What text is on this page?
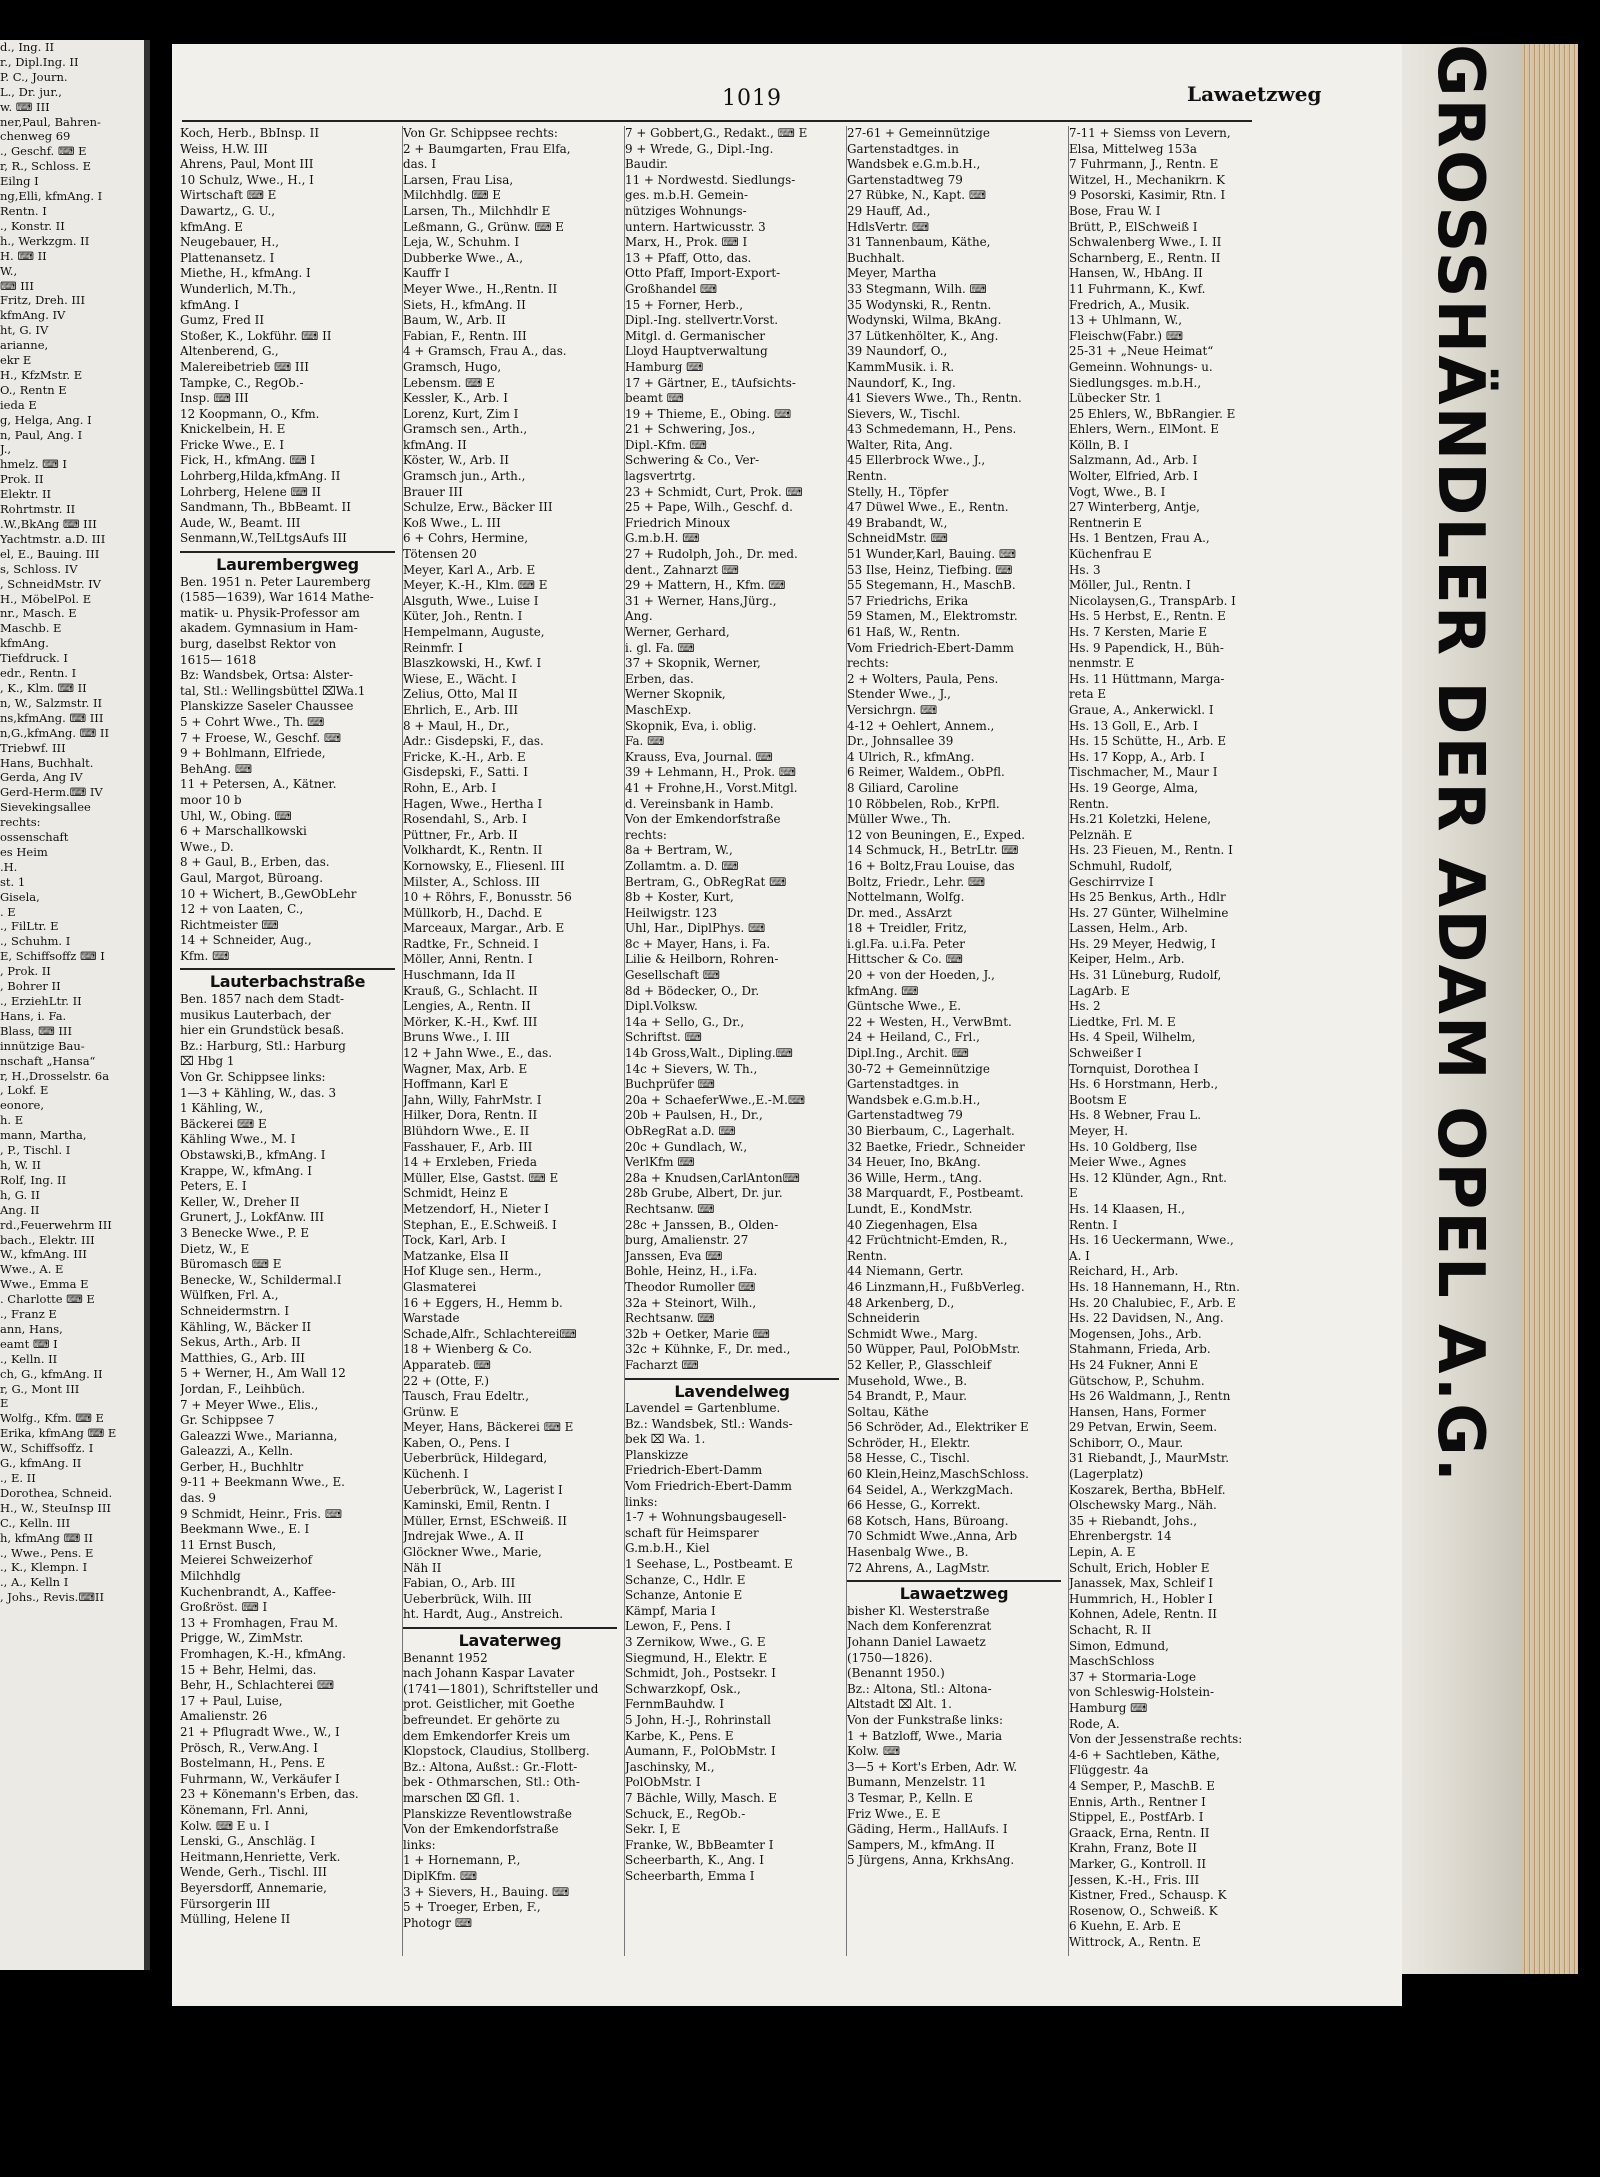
d., Ing. II
r., Dipl.Ing. II
P. C., Journ.
L., Dr. jur.,
w. ⌨ III
ner,Paul, Bahren-
chenweg 69
., Geschf. ⌨ E
r, R., Schloss. E
Eilng I
ng,Elli, kfmAng. I
Rentn. I
., Konstr. II
h., Werkzgm. II
H. ⌨ II
W.,
⌨ III
Fritz, Dreh. III
kfmAng. IV
ht, G. IV
arianne,
ekr E
H., KfzMstr. E
O., Rentn E
ieda E
g, Helga, Ang. I
n, Paul, Ang. I
J.,
hmelz. ⌨ I
Prok. II
Elektr. II
Rohrtmstr. II
.W.,BkAng ⌨ III
Yachtmstr. a.D. III
el, E., Bauing. III
s, Schloss. IV
, SchneidMstr. IV
H., MöbelPol. E
nr., Masch. E
Maschb. E
kfmAng.
Tiefdruck. I
edr., Rentn. I
, K., Klm. ⌨ II
n, W., Salzmstr. II
ns,kfmAng. ⌨ III
n,G.,kfmAng. ⌨ II
Triebwf. III
Hans, Buchhalt.
Gerda, Ang IV
Gerd-Herm.⌨ IV
Sievekingsallee
rechts:
ossenschaft
es Heim
.H.
st. 1
Gisela,
. E
., FilLtr. E
., Schuhm. I
E, Schiffsoffz ⌨ I
, Prok. II
, Bohrer II
., ErziehLtr. II
Hans, i. Fa.
Blass, ⌨ III
innützige Bau-
nschaft „Hansa“
r, H.,Drosselstr. 6a
, Lokf. E
eonore,
h. E
mann, Martha,
, P., Tischl. I
h, W. II
Rolf, Ing. II
h, G. II
Ang. II
rd.,Feuerwehrm III
bach., Elektr. III
W., kfmAng. III
Wwe., A. E
Wwe., Emma E
. Charlotte ⌨ E
., Franz E
ann, Hans,
eamt ⌨ I
., Kelln. II
ch, G., kfmAng. II
r, G., Mont III
E
Wolfg., Kfm. ⌨ E
Erika, kfmAng ⌨ E
W., Schiffsoffz. I
G., kfmAng. II
., E. II
Dorothea, Schneid.
H., W., SteuInsp III
C., Kelln. III
h, kfmAng ⌨ II
., Wwe., Pens. E
., K., Klempn. I
., A., Kelln I
, Johs., Revis.⌨II
1019	Lawaetzweg
Koch, Herb., BbInsp. II
Weiss, H.W. III
Ahrens, Paul, Mont III
10 Schulz, Wwe., H., I
Wirtschaft ⌨ E
Dawartz,, G. U.,
kfmAng. E
Neugebauer, H.,
Plattenansetz. I
Miethe, H., kfmAng. I
Wunderlich, M.Th.,
kfmAng. I
Gumz, Fred II
Stoßer, K., Lokführ. ⌨ II
Altenberend, G.,
Malereibetrieb ⌨ III
Tampke, C., RegOb.-
Insp. ⌨ III
12 Koopmann, O., Kfm.
Knickelbein, H. E
Fricke Wwe., E. I
Fick, H., kfmAng. ⌨ I
Lohrberg,Hilda,kfmAng. II
Lohrberg, Helene ⌨ II
Sandmann, Th., BbBeamt. II
Aude, W., Beamt. III
Senmann,W.,TelLtgsAufs III
Laurembergweg
Ben. 1951 n. Peter Lauremberg
(1585—1639), War 1614 Mathe-
matik- u. Physik-Professor am
akadem. Gymnasium in Ham-
burg, daselbst Rektor von
1615— 1618
Bz: Wandsbek, Ortsa: Alster-
tal, Stl.: Wellingsbüttel ⌧Wa.1
Planskizze Saseler Chaussee
5 + Cohrt Wwe., Th. ⌨
7 + Froese, W., Geschf. ⌨
9 + Bohlmann, Elfriede,
BehAng. ⌨
11 + Petersen, A., Kätner.
moor 10 b
Uhl, W., Obing. ⌨
6 + Marschallkowski
Wwe., D.
8 + Gaul, B., Erben, das.
Gaul, Margot, Büroang.
10 + Wichert, B.,GewObLehr
12 + von Laaten, C.,
Richtmeister ⌨
14 + Schneider, Aug.,
Kfm. ⌨
Lauterbachstraße
Ben. 1857 nach dem Stadt-
musikus Lauterbach, der
hier ein Grundstück besaß.
Bz.: Harburg, Stl.: Harburg
⌧ Hbg 1
Von Gr. Schippsee links:
1—3 + Kähling, W., das. 3
1 Kähling, W.,
Bäckerei ⌨ E
Kähling Wwe., M. I
Obstawski,B., kfmAng. I
Krappe, W., kfmAng. I
Peters, E. I
Keller, W., Dreher II
Grunert, J., LokfAnw. III
3 Benecke Wwe., P. E
Dietz, W., E
Büromasch ⌨ E
Benecke, W., Schildermal.I
Wülfken, Frl. A.,
Schneidermstrn. I
Kähling, W., Bäcker II
Sekus, Arth., Arb. II
Matthies, G., Arb. III
5 + Werner, H., Am Wall 12
Jordan, F., Leihbüch.
7 + Meyer Wwe., Elis.,
Gr. Schippsee 7
Galeazzi Wwe., Marianna,
Galeazzi, A., Kelln.
Gerber, H., Buchhltr
9-11 + Beekmann Wwe., E.
das. 9
9 Schmidt, Heinr., Fris. ⌨
Beekmann Wwe., E. I
11 Ernst Busch,
Meierei Schweizerhof
Milchhdlg
Kuchenbrandt, A., Kaffee-
Großröst. ⌨ I
13 + Fromhagen, Frau M.
Prigge, W., ZimMstr.
Fromhagen, K.-H., kfmAng.
15 + Behr, Helmi, das.
Behr, H., Schlachterei ⌨
17 + Paul, Luise,
Amalienstr. 26
21 + Pflugradt Wwe., W., I
Prösch, R., Verw.Ang. I
Bostelmann, H., Pens. E
Fuhrmann, W., Verkäufer I
23 + Könemann's Erben, das.
Könemann, Frl. Anni,
Kolw. ⌨ E u. I
Lenski, G., Anschläg. I
Heitmann,Henriette, Verk.
Wende, Gerh., Tischl. III
Beyersdorff, Annemarie,
Fürsorgerin III
Mülling, Helene II
Von Gr. Schippsee rechts:
2 + Baumgarten, Frau Elfa,
das. I
Larsen, Frau Lisa,
Milchhdlg. ⌨ E
Larsen, Th., Milchhdlr E
Leßmann, G., Grünw. ⌨ E
Leja, W., Schuhm. I
Dubberke Wwe., A.,
Kauffr I
Meyer Wwe., H.,Rentn. II
Siets, H., kfmAng. II
Baum, W., Arb. II
Fabian, F., Rentn. III
4 + Gramsch, Frau A., das.
Gramsch, Hugo,
Lebensm. ⌨ E
Kessler, K., Arb. I
Lorenz, Kurt, Zim I
Gramsch sen., Arth.,
kfmAng. II
Köster, W., Arb. II
Gramsch jun., Arth.,
Brauer III
Schulze, Erw., Bäcker III
Koß Wwe., L. III
6 + Cohrs, Hermine,
Tötensen 20
Meyer, Karl A., Arb. E
Meyer, K.-H., Klm. ⌨ E
Alsguth, Wwe., Luise I
Küter, Joh., Rentn. I
Hempelmann, Auguste,
Reinmfr. I
Blaszkowski, H., Kwf. I
Wiese, E., Wächt. I
Zelius, Otto, Mal II
Ehrlich, E., Arb. III
8 + Maul, H., Dr.,
Adr.: Gisdepski, F., das.
Fricke, K.-H., Arb. E
Gisdepski, F., Satti. I
Rohn, E., Arb. I
Hagen, Wwe., Hertha I
Rosendahl, S., Arb. I
Püttner, Fr., Arb. II
Volkhardt, K., Rentn. II
Kornowsky, E., Fliesenl. III
Milster, A., Schloss. III
10 + Röhrs, F., Bonusstr. 56
Müllkorb, H., Dachd. E
Marceaux, Margar., Arb. E
Radtke, Fr., Schneid. I
Möller, Anni, Rentn. I
Huschmann, Ida II
Krauß, G., Schlacht. II
Lengies, A., Rentn. II
Mörker, K.-H., Kwf. III
Bruns Wwe., I. III
12 + Jahn Wwe., E., das.
Wagner, Max, Arb. E
Hoffmann, Karl E
Jahn, Willy, FahrMstr. I
Hilker, Dora, Rentn. II
Blühdorn Wwe., E. II
Fasshauer, F., Arb. III
14 + Erxleben, Frieda
Müller, Else, Gastst. ⌨ E
Schmidt, Heinz E
Metzendorf, H., Nieter I
Stephan, E., E.Schweiß. I
Tock, Karl, Arb. I
Matzanke, Elsa II
Hof Kluge sen., Herm.,
Glasmaterei
16 + Eggers, H., Hemm b.
Warstade
Schade,Alfr., Schlachterei⌨
18 + Wienberg & Co.
Apparateb. ⌨
22 + (Otte, F.)
Tausch, Frau Edeltr.,
Grünw. E
Meyer, Hans, Bäckerei ⌨ E
Kaben, O., Pens. I
Ueberbrück, Hildegard,
Küchenh. I
Ueberbrück, W., Lagerist I
Kaminski, Emil, Rentn. I
Müller, Ernst, ESchweiß. II
Jndrejak Wwe., A. II
Glöckner Wwe., Marie,
Näh II
Fabian, O., Arb. III
Ueberbrück, Wilh. III
ht. Hardt, Aug., Anstreich.
Lavaterweg
Benannt 1952
nach Johann Kaspar Lavater
(1741—1801), Schriftsteller und
prot. Geistlicher, mit Goethe
befreundet. Er gehörte zu
dem Emkendorfer Kreis um
Klopstock, Claudius, Stollberg.
Bz.: Altona, Außst.: Gr.-Flott-
bek - Othmarschen, Stl.: Oth-
marschen ⌧ Gfl. 1.
Planskizze Reventlowstraße
Von der Emkendorfstraße
links:
1 + Hornemann, P.,
DiplKfm. ⌨
3 + Sievers, H., Bauing. ⌨
5 + Troeger, Erben, F.,
Photogr ⌨
7 + Gobbert,G., Redakt., ⌨ E
9 + Wrede, G., Dipl.-Ing.
Baudir.
11 + Nordwestd. Siedlungs-
ges. m.b.H. Gemein-
nütziges Wohnungs-
untern. Hartwicusstr. 3
Marx, H., Prok. ⌨ I
13 + Pfaff, Otto, das.
Otto Pfaff, Import-Export-
Großhandel ⌨
15 + Forner, Herb.,
Dipl.-Ing. stellvertr.Vorst.
Mitgl. d. Germanischer
Lloyd Hauptverwaltung
Hamburg ⌨
17 + Gärtner, E., tAufsichts-
beamt ⌨
19 + Thieme, E., Obing. ⌨
21 + Schwering, Jos.,
Dipl.-Kfm. ⌨
Schwering & Co., Ver-
lagsvertrtg.
23 + Schmidt, Curt, Prok. ⌨
25 + Pape, Wilh., Geschf. d.
Friedrich Minoux
G.m.b.H. ⌨
27 + Rudolph, Joh., Dr. med.
dent., Zahnarzt ⌨
29 + Mattern, H., Kfm. ⌨
31 + Werner, Hans,Jürg.,
Ang.
Werner, Gerhard,
i. gl. Fa. ⌨
37 + Skopnik, Werner,
Erben, das.
Werner Skopnik,
MaschExp.
Skopnik, Eva, i. oblig.
Fa. ⌨
Krauss, Eva, Journal. ⌨
39 + Lehmann, H., Prok. ⌨
41 + Frohne,H., Vorst.Mitgl.
d. Vereinsbank in Hamb.
Von der Emkendorfstraße
rechts:
8a + Bertram, W.,
Zollamtm. a. D. ⌨
Bertram, G., ObRegRat ⌨
8b + Koster, Kurt,
Heilwigstr. 123
Uhl, Har., DiplPhys. ⌨
8c + Mayer, Hans, i. Fa.
Lilie & Heilborn, Rohren-
Gesellschaft ⌨
8d + Bödecker, O., Dr.
Dipl.Volksw.
14a + Sello, G., Dr.,
Schriftst. ⌨
14b Gross,Walt., Dipling.⌨
14c + Sievers, W. Th.,
Buchprüfer ⌨
20a + SchaeferWwe.,E.-M.⌨
20b + Paulsen, H., Dr.,
ObRegRat a.D. ⌨
20c + Gundlach, W.,
VerlKfm ⌨
28a + Knudsen,CarlAnton⌨
28b Grube, Albert, Dr. jur.
Rechtsanw. ⌨
28c + Janssen, B., Olden-
burg, Amalienstr. 27
Janssen, Eva ⌨
Bohle, Heinz, H., i.Fa.
Theodor Rumoller ⌨
32a + Steinort, Wilh.,
Rechtsanw. ⌨
32b + Oetker, Marie ⌨
32c + Kühnke, F., Dr. med.,
Facharzt ⌨
Lavendelweg
Lavendel = Gartenblume.
Bz.: Wandsbek, Stl.: Wands-
bek ⌧ Wa. 1.
Planskizze
Friedrich-Ebert-Damm
Vom Friedrich-Ebert-Damm
links:
1-7 + Wohnungsbaugesell-
schaft für Heimsparer
G.m.b.H., Kiel
1 Seehase, L., Postbeamt. E
Schanze, C., Hdlr. E
Schanze, Antonie E
Kämpf, Maria I
Lewon, F., Pens. I
3 Zernikow, Wwe., G. E
Siegmund, H., Elektr. E
Schmidt, Joh., Postsekr. I
Schwarzkopf, Osk.,
FernmBauhdw. I
5 John, H.-J., Rohrinstall
Karbe, K., Pens. E
Aumann, F., PolObMstr. I
Jaschinsky, M.,
PolObMstr. I
7 Bächle, Willy, Masch. E
Schuck, E., RegOb.-
Sekr. I, E
Franke, W., BbBeamter I
Scheerbarth, K., Ang. I
Scheerbarth, Emma I
27-61 + Gemeinnützige
Gartenstadtges. in
Wandsbek e.G.m.b.H.,
Gartenstadtweg 79
27 Rübke, N., Kapt. ⌨
29 Hauff, Ad.,
HdlsVertr. ⌨
31 Tannenbaum, Käthe,
Buchhalt.
Meyer, Martha
33 Stegmann, Wilh. ⌨
35 Wodynski, R., Rentn.
Wodynski, Wilma, BkAng.
37 Lütkenhölter, K., Ang.
39 Naundorf, O.,
KammMusik. i. R.
Naundorf, K., Ing.
41 Sievers Wwe., Th., Rentn.
Sievers, W., Tischl.
43 Schmedemann, H., Pens.
Walter, Rita, Ang.
45 Ellerbrock Wwe., J.,
Rentn.
Stelly, H., Töpfer
47 Düwel Wwe., E., Rentn.
49 Brabandt, W.,
SchneidMstr. ⌨
51 Wunder,Karl, Bauing. ⌨
53 Ilse, Heinz, Tiefbing. ⌨
55 Stegemann, H., MaschB.
57 Friedrichs, Erika
59 Stamen, M., Elektromstr.
61 Haß, W., Rentn.
Vom Friedrich-Ebert-Damm
rechts:
2 + Wolters, Paula, Pens.
Stender Wwe., J.,
Versichrgn. ⌨
4-12 + Oehlert, Annem.,
Dr., Johnsallee 39
4 Ulrich, R., kfmAng.
6 Reimer, Waldem., ObPfl.
8 Giliard, Caroline
10 Röbbelen, Rob., KrPfl.
Müller Wwe., Th.
12 von Beuningen, E., Exped.
14 Schmuck, H., BetrLtr. ⌨
16 + Boltz,Frau Louise, das
Boltz, Friedr., Lehr. ⌨
Nottelmann, Wolfg.
Dr. med., AssArzt
18 + Treidler, Fritz,
i.gl.Fa. u.i.Fa. Peter
Hittscher & Co. ⌨
20 + von der Hoeden, J.,
kfmAng. ⌨
Güntsche Wwe., E.
22 + Westen, H., VerwBmt.
24 + Heiland, C., Frl.,
Dipl.Ing., Archit. ⌨
30-72 + Gemeinnützige
Gartenstadtges. in
Wandsbek e.G.m.b.H.,
Gartenstadtweg 79
30 Bierbaum, C., Lagerhalt.
32 Baetke, Friedr., Schneider
34 Heuer, Ino, BkAng.
36 Wille, Herm., tAng.
38 Marquardt, F., Postbeamt.
Lundt, E., KondMstr.
40 Ziegenhagen, Elsa
42 Früchtnicht-Emden, R.,
Rentn.
44 Niemann, Gertr.
46 Linzmann,H., FußbVerleg.
48 Arkenberg, D.,
Schneiderin
Schmidt Wwe., Marg.
50 Wüpper, Paul, PolObMstr.
52 Keller, P., Glasschleif
Musehold, Wwe., B.
54 Brandt, P., Maur.
Soltau, Käthe
56 Schröder, Ad., Elektriker E
Schröder, H., Elektr.
58 Hesse, C., Tischl.
60 Klein,Heinz,MaschSchloss.
64 Seidel, A., WerkzgMach.
66 Hesse, G., Korrekt.
68 Kotsch, Hans, Büroang.
70 Schmidt Wwe.,Anna, Arb
Hasenbalg Wwe., B.
72 Ahrens, A., LagMstr.
Lawaetzweg
bisher Kl. Westerstraße
Nach dem Konferenzrat
Johann Daniel Lawaetz
(1750—1826).
(Benannt 1950.)
Bz.: Altona, Stl.: Altona-
Altstadt ⌧ Alt. 1.
Von der Funkstraße links:
1 + Batzloff, Wwe., Maria
Kolw. ⌨
3—5 + Kort's Erben, Adr. W.
Bumann, Menzelstr. 11
3 Tesmar, P., Kelln. E
Friz Wwe., E. E
Gäding, Herm., HallAufs. I
Sampers, M., kfmAng. II
5 Jürgens, Anna, KrkhsAng.
7-11 + Siemss von Levern,
Elsa, Mittelweg 153a
7 Fuhrmann, J., Rentn. E
Witzel, H., Mechanikrn. K
9 Posorski, Kasimir, Rtn. I
Bose, Frau W. I
Brütt, P., ElSchweiß I
Schwalenberg Wwe., I. II
Scharnberg, E., Rentn. II
Hansen, W., HbAng. II
11 Fuhrmann, K., Kwf.
Fredrich, A., Musik.
13 + Uhlmann, W.,
Fleischw(Fabr.) ⌨
25-31 + „Neue Heimat“
Gemeinn. Wohnungs- u.
Siedlungsges. m.b.H.,
Lübecker Str. 1
25 Ehlers, W., BbRangier. E
Ehlers, Wern., ElMont. E
Kölln, B. I
Salzmann, Ad., Arb. I
Wolter, Elfried, Arb. I
Vogt, Wwe., B. I
27 Winterberg, Antje,
Rentnerin E
Hs. 1 Bentzen, Frau A.,
Küchenfrau E
Hs. 3
Möller, Jul., Rentn. I
Nicolaysen,G., TranspArb. I
Hs. 5 Herbst, E., Rentn. E
Hs. 7 Kersten, Marie E
Hs. 9 Papendick, H., Büh-
nenmstr. E
Hs. 11 Hüttmann, Marga-
reta E
Graue, A., Ankerwickl. I
Hs. 13 Goll, E., Arb. I
Hs. 15 Schütte, H., Arb. E
Hs. 17 Kopp, A., Arb. I
Tischmacher, M., Maur I
Hs. 19 George, Alma,
Rentn.
Hs.21 Koletzki, Helene,
Pelznäh. E
Hs. 23 Fieuen, M., Rentn. I
Schmuhl, Rudolf,
Geschirrvize I
Hs 25 Benkus, Arth., Hdlr
Hs. 27 Günter, Wilhelmine
Lassen, Helm., Arb.
Hs. 29 Meyer, Hedwig, I
Keiper, Helm., Arb.
Hs. 31 Lüneburg, Rudolf,
LagArb. E
Hs. 2
Liedtke, Frl. M. E
Hs. 4 Speil, Wilhelm,
Schweißer I
Tornquist, Dorothea I
Hs. 6 Horstmann, Herb.,
Bootsm E
Hs. 8 Webner, Frau L.
Meyer, H.
Hs. 10 Goldberg, Ilse
Meier Wwe., Agnes
Hs. 12 Klünder, Agn., Rnt.
E
Hs. 14 Klaasen, H.,
Rentn. I
Hs. 16 Ueckermann, Wwe.,
A. I
Reichard, H., Arb.
Hs. 18 Hannemann, H., Rtn.
Hs. 20 Chalubiec, F., Arb. E
Hs. 22 Davidsen, N., Ang.
Mogensen, Johs., Arb.
Stahmann, Frieda, Arb.
Hs 24 Fukner, Anni E
Gütschow, P., Schuhm.
Hs 26 Waldmann, J., Rentn
Hansen, Hans, Former
29 Petvan, Erwin, Seem.
Schiborr, O., Maur.
31 Riebandt, J., MaurMstr.
(Lagerplatz)
Koszarek, Bertha, BbHelf.
Olschewsky Marg., Näh.
35 + Riebandt, Johs.,
Ehrenbergstr. 14
Lepin, A. E
Schult, Erich, Hobler E
Janassek, Max, Schleif I
Hummrich, H., Hobler I
Kohnen, Adele, Rentn. II
Schacht, R. II
Simon, Edmund,
MaschSchloss
37 + Stormaria-Loge
von Schleswig-Holstein-
Hamburg ⌨
Rode, A.
Von der Jessenstraße rechts:
4-6 + Sachtleben, Käthe,
Flüggestr. 4a
4 Semper, P., MaschB. E
Ennis, Arth., Rentner I
Stippel, E., PostfArb. I
Graack, Erna, Rentn. II
Krahn, Franz, Bote II
Marker, G., Kontroll. II
Jessen, K.-H., Fris. III
Kistner, Fred., Schausp. K
Rosenow, O., Schweiß. K
6 Kuehn, E. Arb. E
Wittrock, A., Rentn. E
GROSSHÄNDLER DER ADAM OPEL A.G.
